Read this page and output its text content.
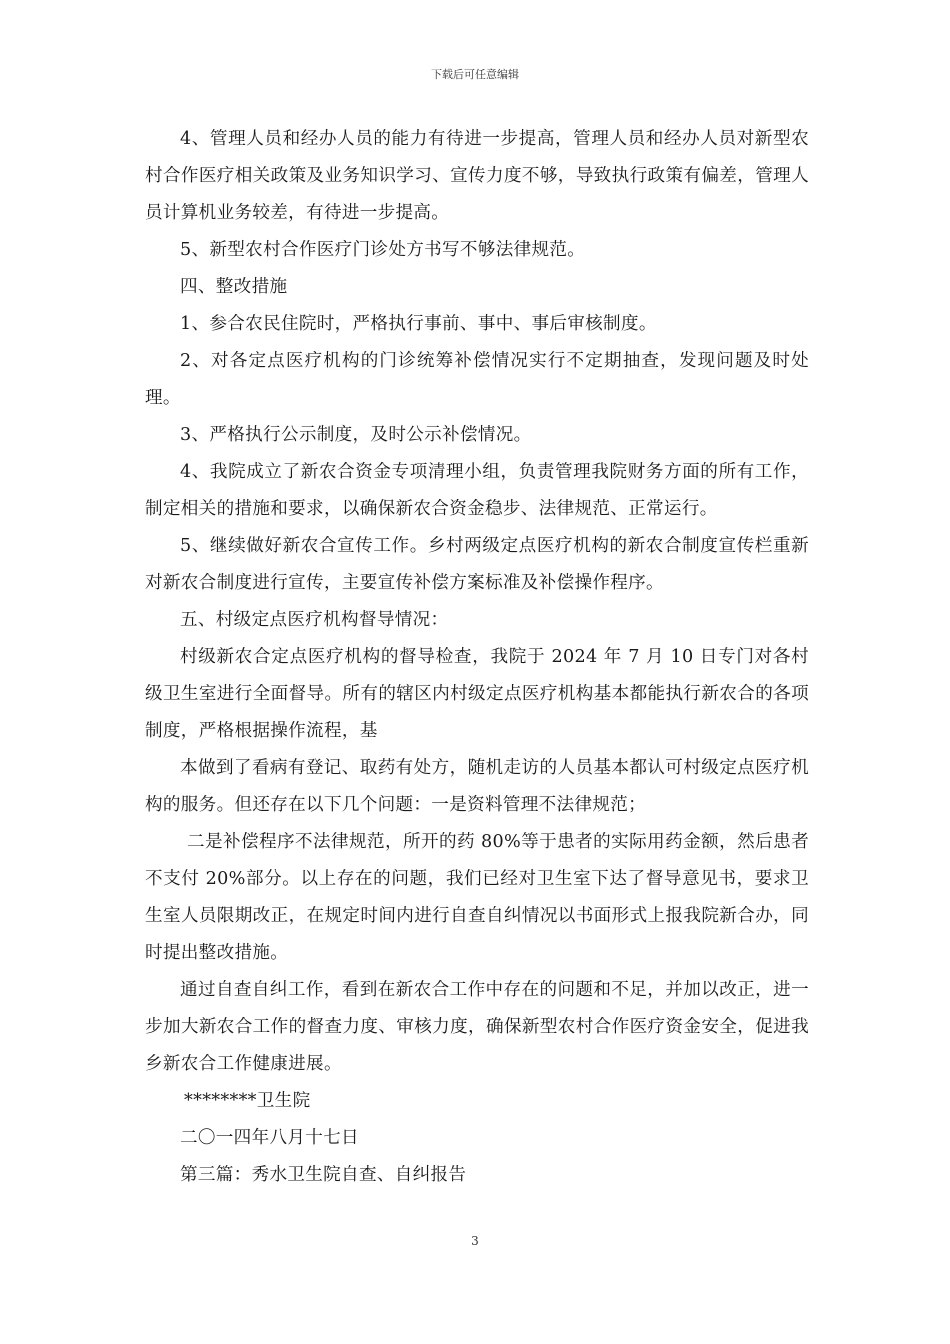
下载后可任意编辑

4、管理人员和经办人员的能力有待进一步提高，管理人员和经办人员对新型农村合作医疗相关政策及业务知识学习、宣传力度不够，导致执行政策有偏差，管理人员计算机业务较差，有待进一步提高。

5、新型农村合作医疗门诊处方书写不够法律规范。

四、整改措施

1、参合农民住院时，严格执行事前、事中、事后审核制度。

2、对各定点医疗机构的门诊统筹补偿情况实行不定期抽查，发现问题及时处理。

3、严格执行公示制度，及时公示补偿情况。

4、我院成立了新农合资金专项清理小组，负责管理我院财务方面的所有工作，制定相关的措施和要求，以确保新农合资金稳步、法律规范、正常运行。

5、继续做好新农合宣传工作。乡村两级定点医疗机构的新农合制度宣传栏重新对新农合制度进行宣传，主要宣传补偿方案标准及补偿操作程序。

五、村级定点医疗机构督导情况：

村级新农合定点医疗机构的督导检查，我院于 2024 年 7 月 10 日专门对各村级卫生室进行全面督导。所有的辖区内村级定点医疗机构基本都能执行新农合的各项制度，严格根据操作流程，基

本做到了看病有登记、取药有处方，随机走访的人员基本都认可村级定点医疗机构的服务。但还存在以下几个问题：一是资料管理不法律规范；

二是补偿程序不法律规范，所开的药 80%等于患者的实际用药金额，然后患者不支付 20%部分。以上存在的问题，我们已经对卫生室下达了督导意见书，要求卫生室人员限期改正，在规定时间内进行自查自纠情况以书面形式上报我院新合办，同时提出整改措施。

通过自查自纠工作，看到在新农合工作中存在的问题和不足，并加以改正，进一步加大新农合工作的督查力度、审核力度，确保新型农村合作医疗资金安全，促进我乡新农合工作健康进展。

********卫生院

二〇一四年八月十七日

第三篇：秀水卫生院自查、自纠报告

3
